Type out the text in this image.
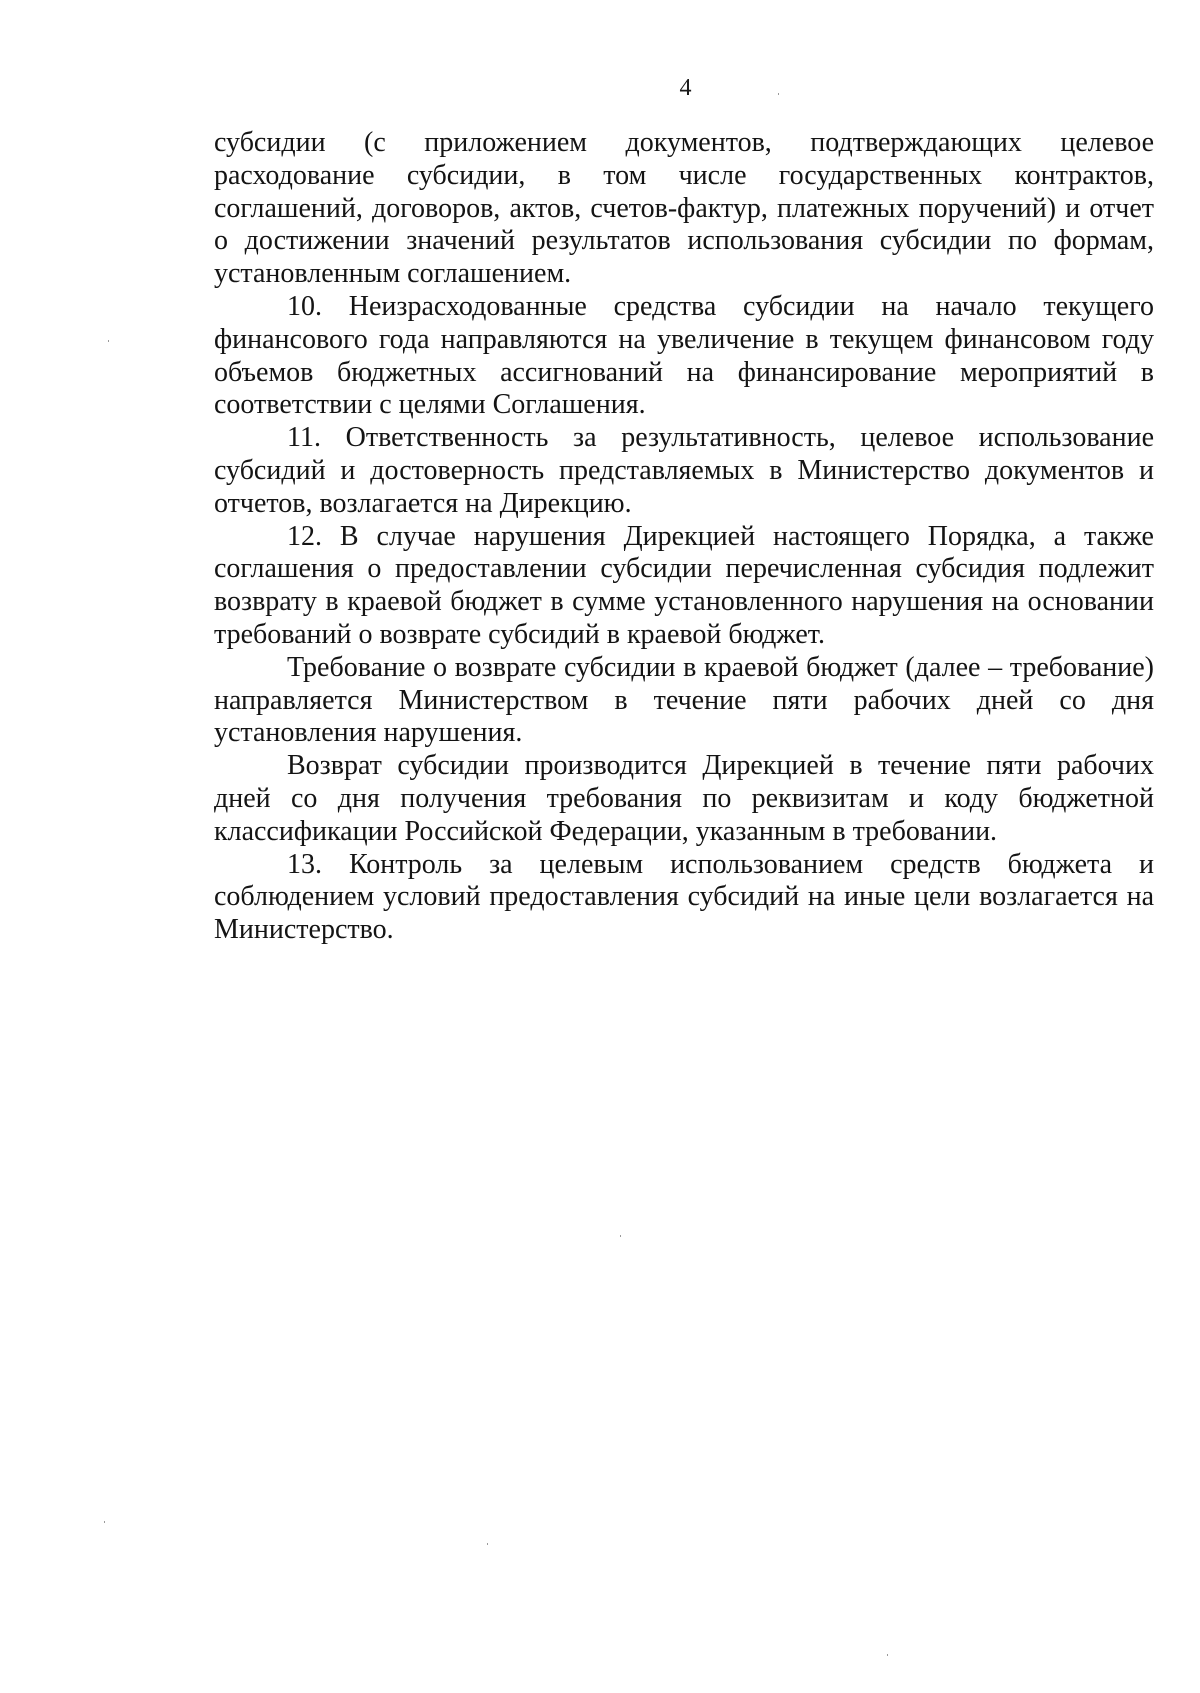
4

субсидии (с приложением документов, подтверждающих целевое расходование субсидии, в том числе государственных контрактов, соглашений, договоров, актов, счетов-фактур, платежных поручений) и отчет о достижении значений результатов использования субсидии по формам, установленным соглашением.

10. Неизрасходованные средства субсидии на начало текущего финансового года направляются на увеличение в текущем финансовом году объемов бюджетных ассигнований на финансирование мероприятий в соответствии с целями Соглашения.

11. Ответственность за результативность, целевое использование субсидий и достоверность представляемых в Министерство документов и отчетов, возлагается на Дирекцию.

12. В случае нарушения Дирекцией настоящего Порядка, а также соглашения о предоставлении субсидии перечисленная субсидия подлежит возврату в краевой бюджет в сумме установленного нарушения на основании требований о возврате субсидий в краевой бюджет.

Требование о возврате субсидии в краевой бюджет (далее – требование) направляется Министерством в течение пяти рабочих дней со дня установления нарушения.

Возврат субсидии производится Дирекцией в течение пяти рабочих дней со дня получения требования по реквизитам и коду бюджетной классификации Российской Федерации, указанным в требовании.

13. Контроль за целевым использованием средств бюджета и соблюдением условий предоставления субсидий на иные цели возлагается на Министерство.
